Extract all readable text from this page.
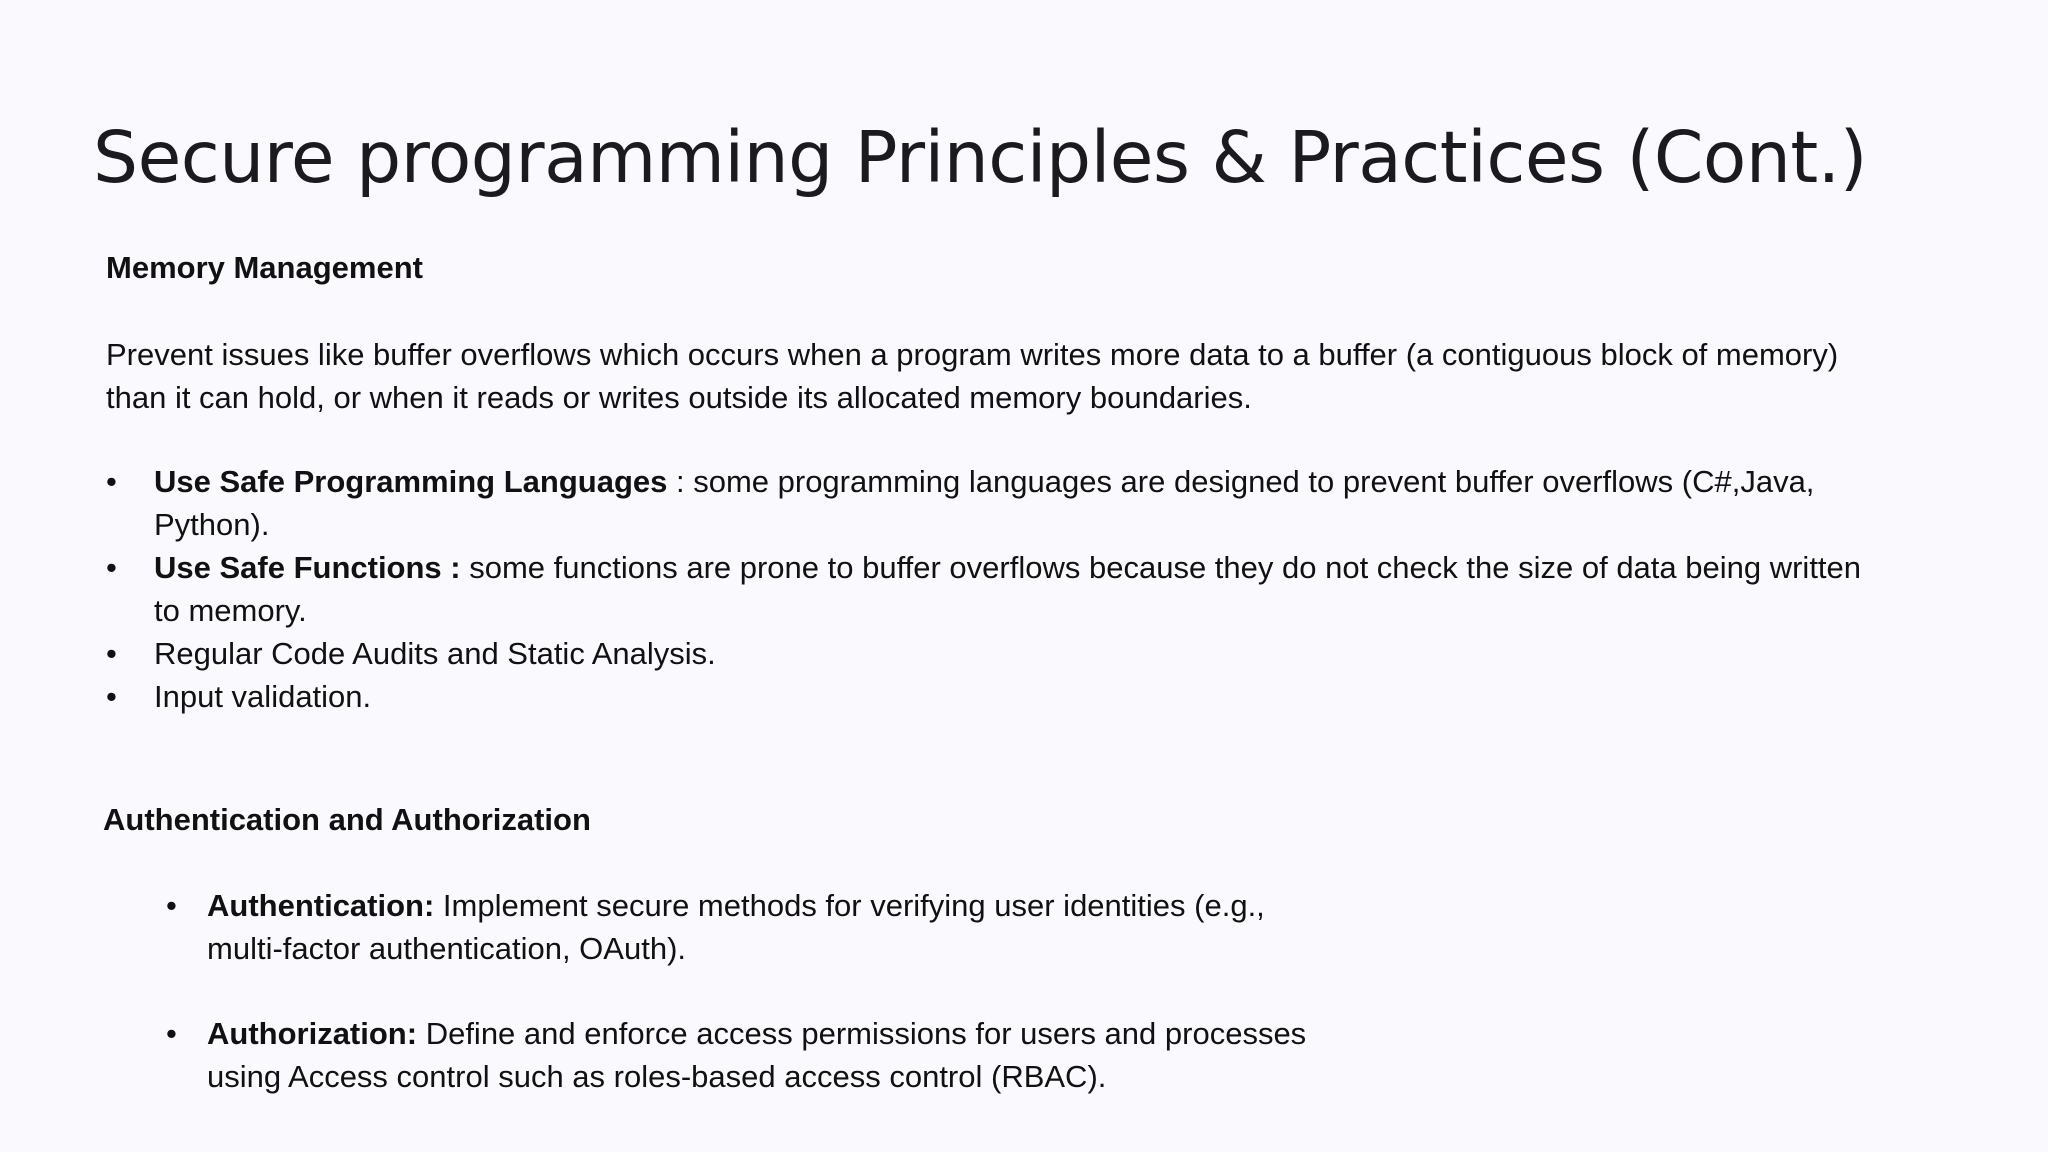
Secure programming Principles & Practices (Cont.)
Memory Management

Prevent issues like buffer overflows which occurs when a program writes more data to a buffer (a contiguous block of memory) than it can hold, or when it reads or writes outside its allocated memory boundaries.

•	Use Safe Programming Languages : some programming languages are designed to prevent buffer overflows (C#,Java, Python).
•	Use Safe Functions : some functions are prone to buffer overflows because they do not check the size of data being written to memory.
•	Regular Code Audits and Static Analysis.
•	Input validation.
Authentication and Authorization
• Authentication: Implement secure methods for verifying user identities (e.g.,
multi-factor authentication, OAuth).
• Authorization: Define and enforce access permissions for users and processes
using Access control such as roles-based access control (RBAC).
